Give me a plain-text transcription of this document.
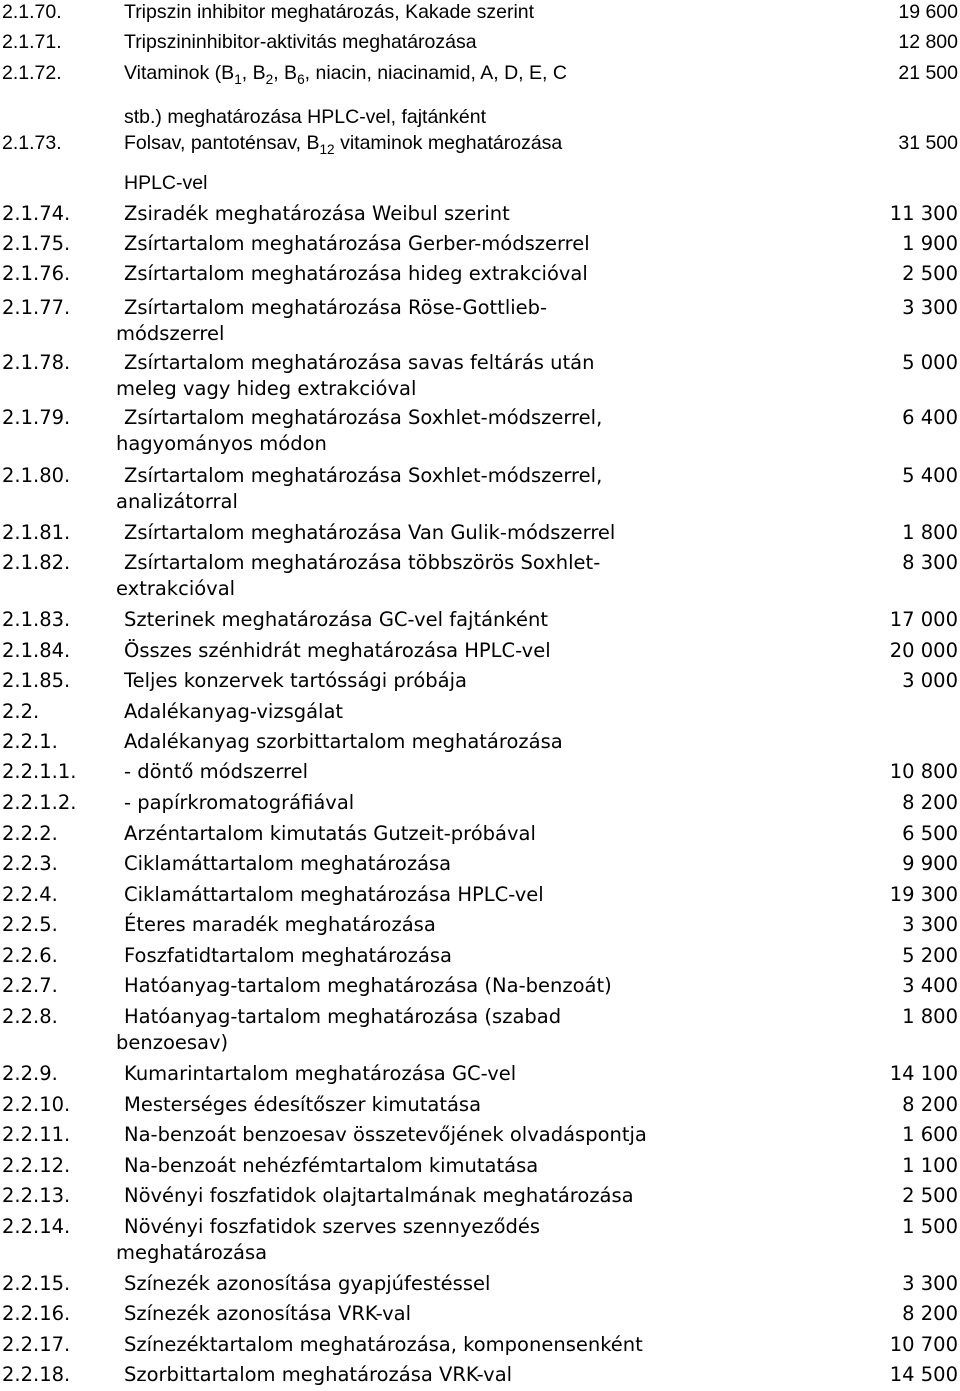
2.1.70.	Tripszin inhibitor meghatározás, Kakade szerint	19 600
2.1.71.	Tripszininhibitor-aktivitás meghatározása	12 800
2.1.72.	Vitaminok ($B_1$, $B_2$, $B_6$, niacin, niacinamid, A, D, E, C
stb.) meghatározása HPLC-vel, fajtánként
21 500
2.1.73.	Folsav, pantoténsav, $B_{12}$ vitaminok meghatározása
HPLC-vel
31 500
2.1.74.	Zsiradék meghatározása Weibul szerint	11 300
2.1.75.	Zsírtartalom meghatározása Gerber-módszerrel	1 900
2.1.76.	Zsírtartalom meghatározása hideg extrakcióval	2 500
2.1.77.	Zsírtartalom meghatározása Röse-Gottlieb-
módszerrel
3 300
2.1.78.	Zsírtartalom meghatározása savas feltárás után
meleg vagy hideg extrakcióval
5 000
2.1.79.	Zsírtartalom meghatározása Soxhlet-módszerrel,
hagyományos módon
6 400
2.1.80.	Zsírtartalom meghatározása Soxhlet-módszerrel,
analizátorral
5 400
2.1.81.	Zsírtartalom meghatározása Van Gulik-módszerrel	1 800
2.1.82.	Zsírtartalom meghatározása többszörös Soxhlet-
extrakcióval
8 300
2.1.83.	Szterinek meghatározása GC-vel fajtánként	17 000
2.1.84.	Összes szénhidrát meghatározása HPLC-vel	20 000
2.1.85.	Teljes konzervek tartóssági próbája	3 000
2.2.	Adalékanyag-vizsgálat
2.2.1.	Adalékanyag szorbittartalom meghatározása
2.2.1.1. - döntő módszerrel	10 800
2.2.1.2. - papírkromatográfiával	8 200
2.2.2.	Arzéntartalom kimutatás Gutzeit-próbával	6 500
2.2.3.	Ciklamáttartalom meghatározása	9 900
2.2.4.	Ciklamáttartalom meghatározása HPLC-vel	19 300
2.2.5.	Éteres maradék meghatározása	3 300
2.2.6.	Foszfatidtartalom meghatározása	5 200
2.2.7.	Hatóanyag-tartalom meghatározása (Na-benzoát)	3 400
2.2.8.	Hatóanyag-tartalom meghatározása (szabad
benzoesav)
1 800
2.2.9.	Kumarintartalom meghatározása GC-vel	14 100
2.2.10.	Mesterséges édesítőszer kimutatása	8 200
2.2.11.	Na-benzoát benzoesav összetevőjének olvadáspontja	1 600
2.2.12.	Na-benzoát nehézfémtartalom kimutatása	1 100
2.2.13.	Növényi foszfatidok olajtartalmának meghatározása	2 500
2.2.14.	Növényi foszfatidok szerves szennyeződés
meghatározása
1 500
2.2.15.	Színezék azonosítása gyapjúfestéssel	3 300
2.2.16.	Színezék azonosítása VRK-val	8 200
2.2.17.	Színezéktartalom meghatározása, komponensenként	10 700
2.2.18.	Szorbittartalom meghatározása VRK-val	14 500
